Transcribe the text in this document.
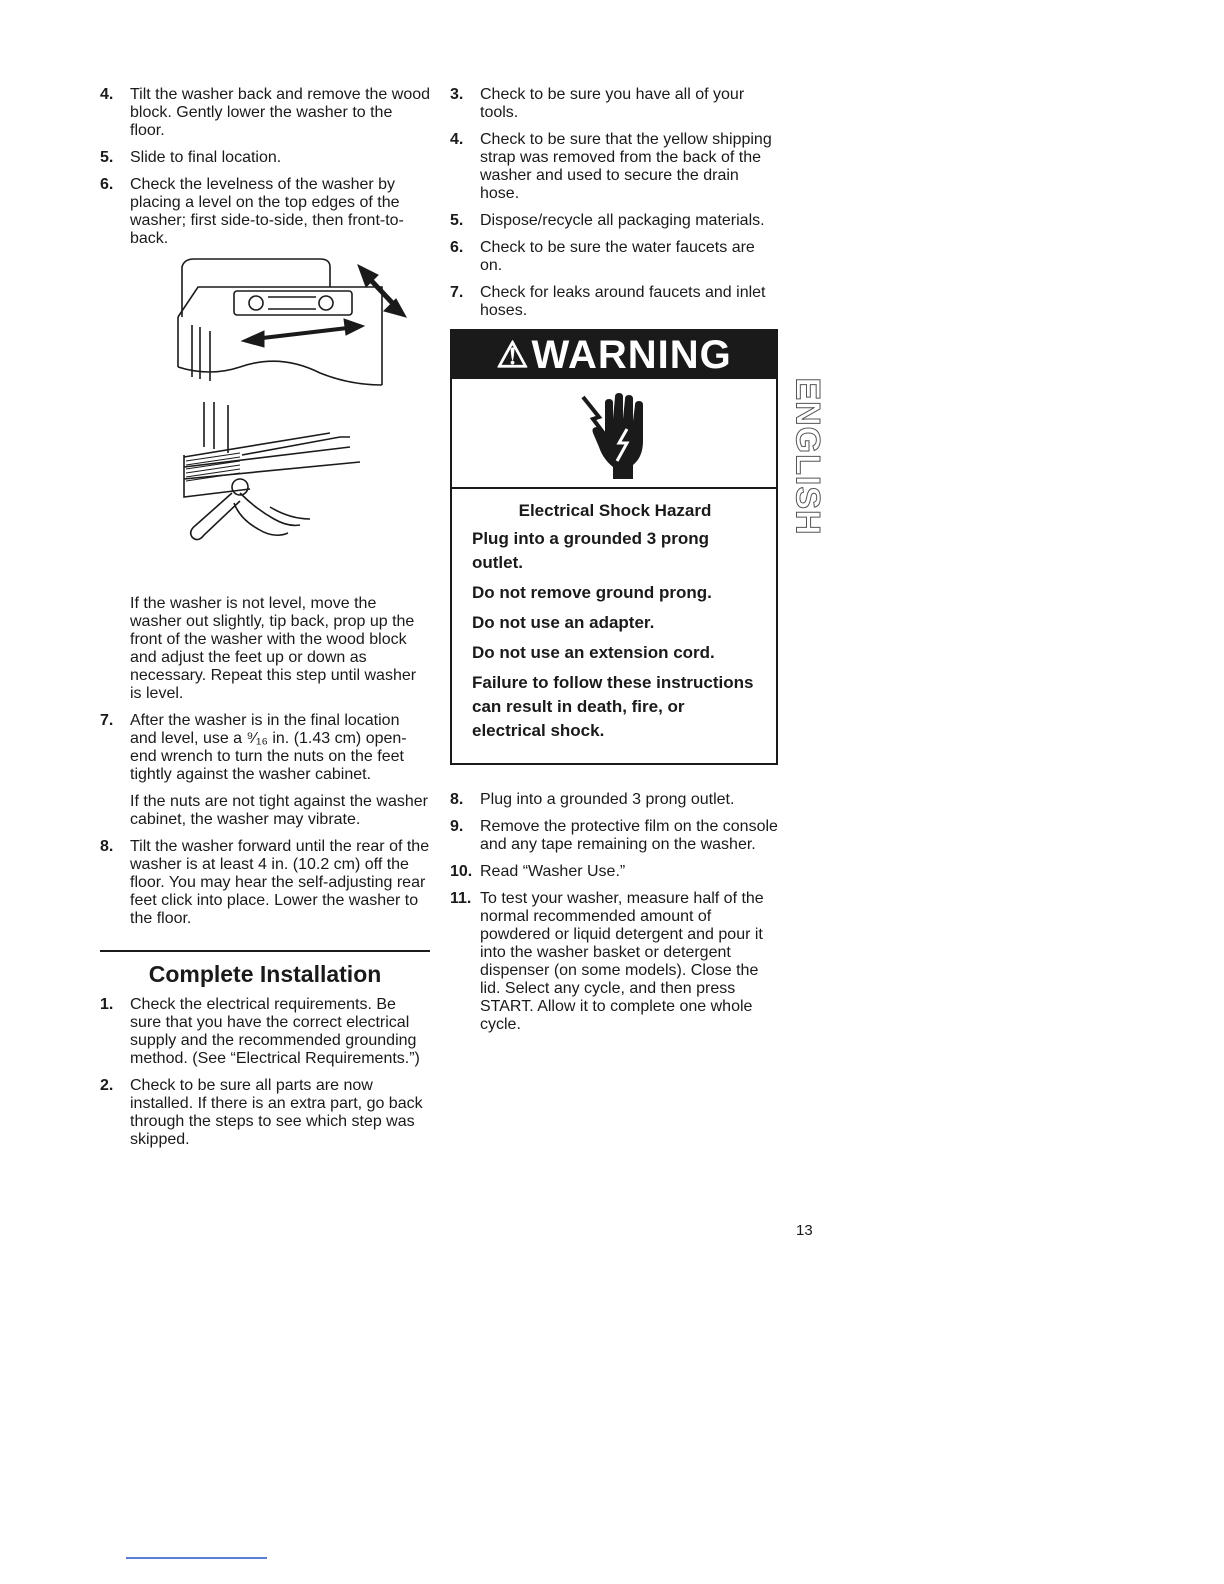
4.	Tilt the washer back and remove the wood block. Gently lower the washer to the floor.
5.	Slide to final location.
6.	Check the levelness of the washer by placing a level on the top edges of the washer; first side-to-side, then front-to-back.

If the washer is not level, move the washer out slightly, tip back, prop up the front of the washer with the wood block and adjust the feet up or down as necessary. Repeat this step until washer is level.

7.	After the washer is in the final location and level, use a ⁹⁄₁₆ in. (1.43 cm) open-end wrench to turn the nuts on the feet tightly against the washer cabinet.

If the nuts are not tight against the washer cabinet, the washer may vibrate.

8.	Tilt the washer forward until the rear of the washer is at least 4 in. (10.2 cm) off the floor. You may hear the self-adjusting rear feet click into place. Lower the washer to the floor.
Complete Installation
1.	Check the electrical requirements. Be sure that you have the correct electrical supply and the recommended grounding method. (See “Electrical Requirements.”)
2.	Check to be sure all parts are now installed. If there is an extra part, go back through the steps to see which step was skipped.
3.	Check to be sure you have all of your tools.
4.	Check to be sure that the yellow shipping strap was removed from the back of the washer and used to secure the drain hose.
5.	Dispose/recycle all packaging materials.
6.	Check to be sure the water faucets are on.
7.	Check for leaks around faucets and inlet hoses.
⚠ WARNING
Electrical Shock Hazard
Plug into a grounded 3 prong outlet.
Do not remove ground prong.
Do not use an adapter.
Do not use an extension cord.
Failure to follow these instructions can result in death, fire, or electrical shock.
8.	Plug into a grounded 3 prong outlet.
9.	Remove the protective film on the console and any tape remaining on the washer.
10. Read “Washer Use.”
11. To test your washer, measure half of the normal recommended amount of powdered or liquid detergent and pour it into the washer basket or detergent dispenser (on some models). Close the lid. Select any cycle, and then press START. Allow it to complete one whole cycle.
ENGLISH
13
